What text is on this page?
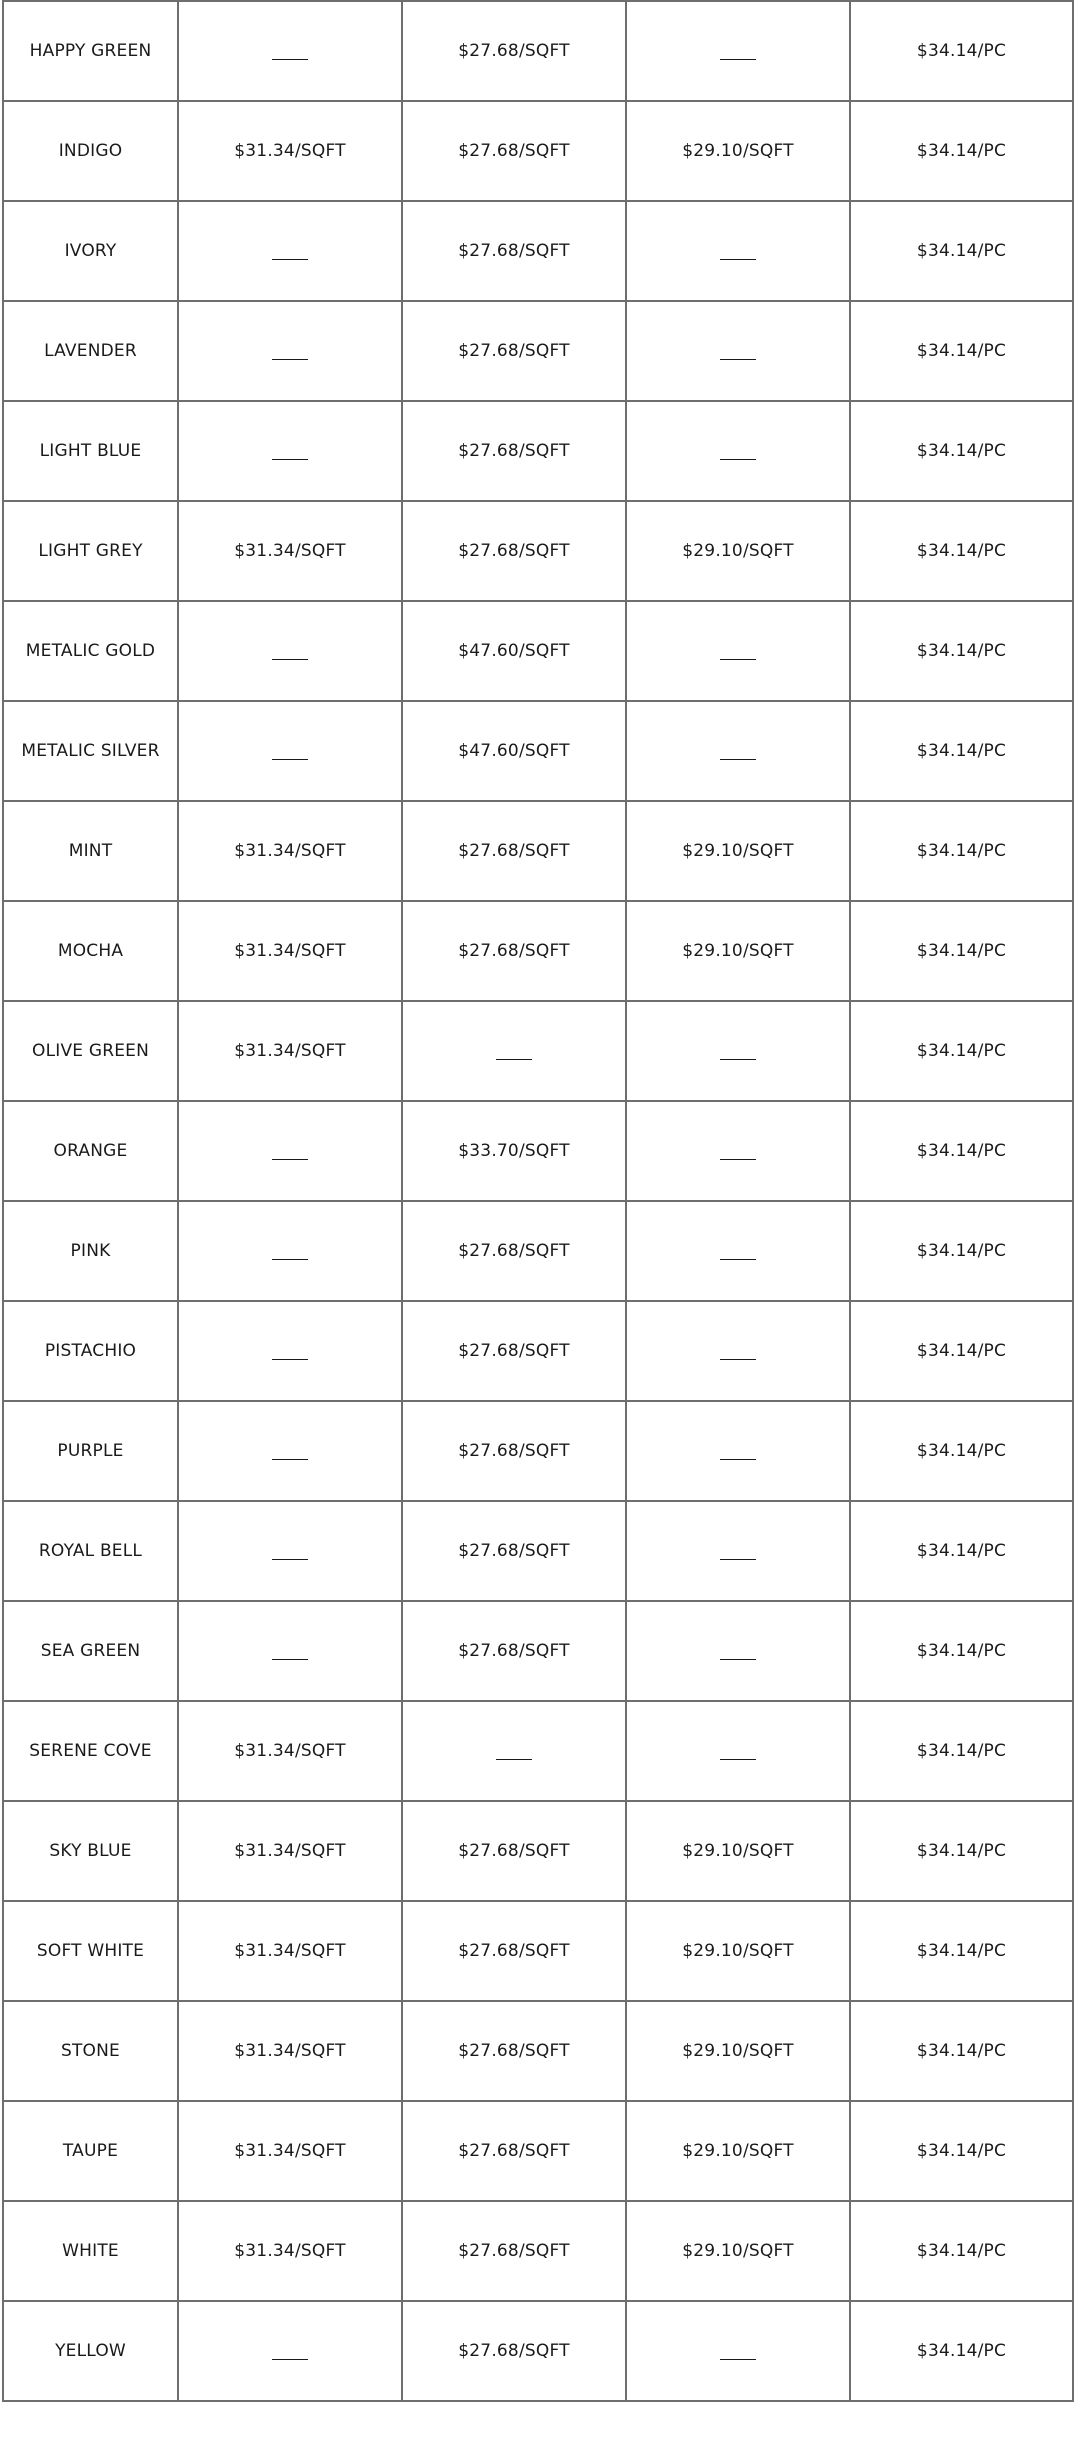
HAPPY GREEN		$27.68/SQFT		$34.14/PC
INDIGO	$31.34/SQFT	$27.68/SQFT	$29.10/SQFT	$34.14/PC
IVORY		$27.68/SQFT		$34.14/PC
LAVENDER		$27.68/SQFT		$34.14/PC
LIGHT BLUE		$27.68/SQFT		$34.14/PC
LIGHT GREY	$31.34/SQFT	$27.68/SQFT	$29.10/SQFT	$34.14/PC
METALIC GOLD		$47.60/SQFT		$34.14/PC
METALIC SILVER		$47.60/SQFT		$34.14/PC
MINT	$31.34/SQFT	$27.68/SQFT	$29.10/SQFT	$34.14/PC
MOCHA	$31.34/SQFT	$27.68/SQFT	$29.10/SQFT	$34.14/PC
OLIVE GREEN	$31.34/SQFT			$34.14/PC
ORANGE		$33.70/SQFT		$34.14/PC
PINK		$27.68/SQFT		$34.14/PC
PISTACHIO		$27.68/SQFT		$34.14/PC
PURPLE		$27.68/SQFT		$34.14/PC
ROYAL BELL		$27.68/SQFT		$34.14/PC
SEA GREEN		$27.68/SQFT		$34.14/PC
SERENE COVE	$31.34/SQFT			$34.14/PC
SKY BLUE	$31.34/SQFT	$27.68/SQFT	$29.10/SQFT	$34.14/PC
SOFT WHITE	$31.34/SQFT	$27.68/SQFT	$29.10/SQFT	$34.14/PC
STONE	$31.34/SQFT	$27.68/SQFT	$29.10/SQFT	$34.14/PC
TAUPE	$31.34/SQFT	$27.68/SQFT	$29.10/SQFT	$34.14/PC
WHITE	$31.34/SQFT	$27.68/SQFT	$29.10/SQFT	$34.14/PC
YELLOW		$27.68/SQFT		$34.14/PC
